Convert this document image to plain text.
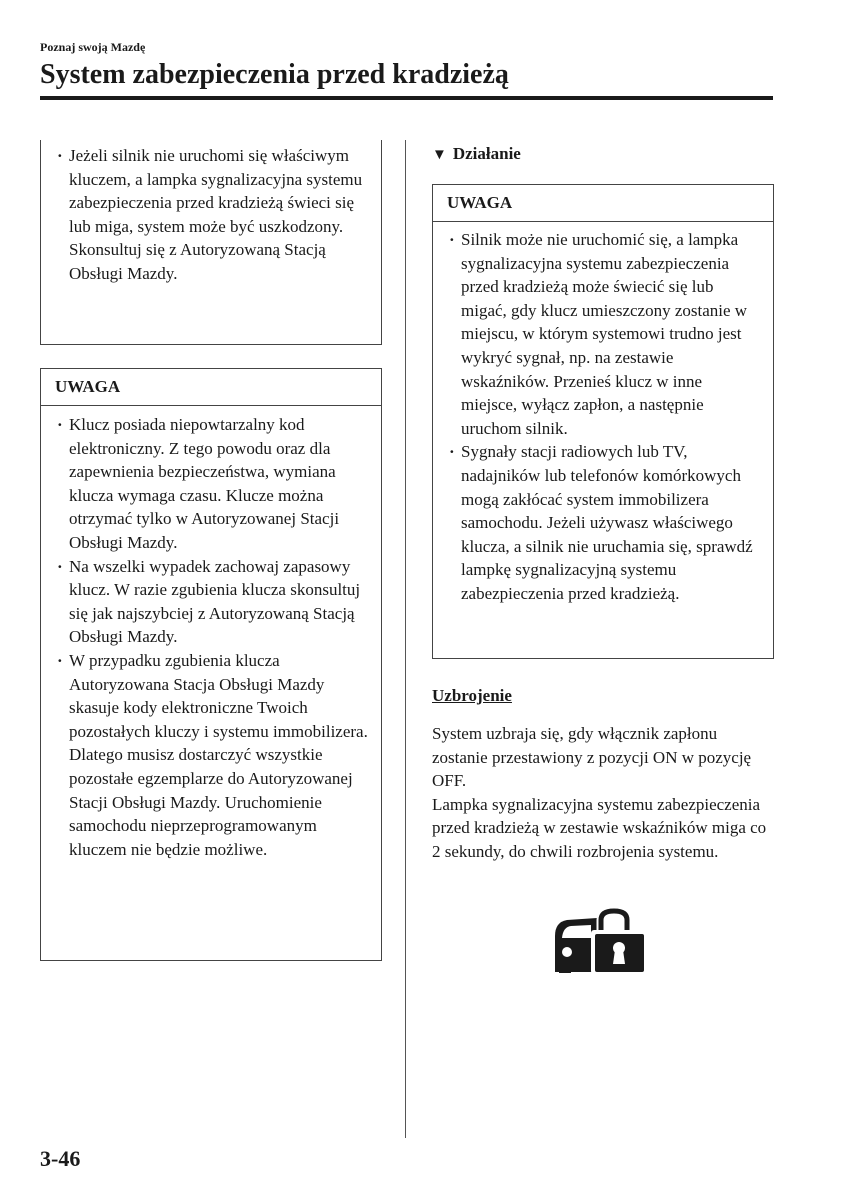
Poznaj swoją Mazdę
System zabezpieczenia przed kradzieżą
· Jeżeli silnik nie uruchomi się właściwym kluczem, a lampka sygnalizacyjna systemu zabezpieczenia przed kradzieżą świeci się lub miga, system może być uszkodzony. Skonsultuj się z Autoryzowaną Stacją Obsługi Mazdy.
UWAGA
· Klucz posiada niepowtarzalny kod elektroniczny. Z tego powodu oraz dla zapewnienia bezpieczeństwa, wymiana klucza wymaga czasu. Klucze można otrzymać tylko w Autoryzowanej Stacji Obsługi Mazdy.
· Na wszelki wypadek zachowaj zapasowy klucz. W razie zgubienia klucza skonsultuj się jak najszybciej z Autoryzowaną Stacją Obsługi Mazdy.
· W przypadku zgubienia klucza Autoryzowana Stacja Obsługi Mazdy skasuje kody elektroniczne Twoich pozostałych kluczy i systemu immobilizera. Dlatego musisz dostarczyć wszystkie pozostałe egzemplarze do Autoryzowanej Stacji Obsługi Mazdy. Uruchomienie samochodu nieprzeprogramowanym kluczem nie będzie możliwe.
▼ Działanie
UWAGA
· Silnik może nie uruchomić się, a lampka sygnalizacyjna systemu zabezpieczenia przed kradzieżą może świecić się lub migać, gdy klucz umieszczony zostanie w miejscu, w którym systemowi trudno jest wykryć sygnał, np. na zestawie wskaźników. Przenieś klucz w inne miejsce, wyłącz zapłon, a następnie uruchom silnik.
· Sygnały stacji radiowych lub TV, nadajników lub telefonów komórkowych mogą zakłócać system immobilizera samochodu. Jeżeli używasz właściwego klucza, a silnik nie uruchamia się, sprawdź lampkę sygnalizacyjną systemu zabezpieczenia przed kradzieżą.
Uzbrojenie

System uzbraja się, gdy włącznik zapłonu zostanie przestawiony z pozycji ON w pozycję OFF.

Lampka sygnalizacyjna systemu zabezpieczenia przed kradzieżą w zestawie wskaźników miga co 2 sekundy, do chwili rozbrojenia systemu.

3-46
